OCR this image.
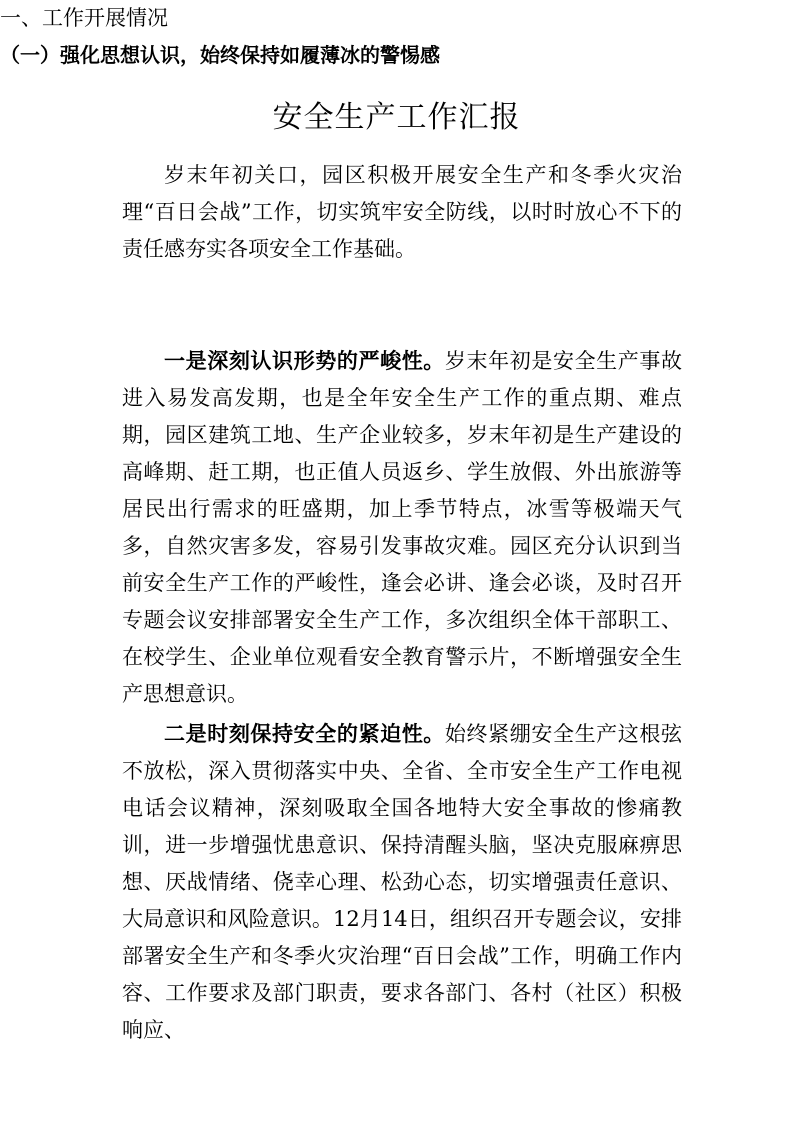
安全生产工作汇报
岁末年初关口，园区积极开展安全生产和冬季火灾治理“百日会战”工作，切实筑牢安全防线，以时时放心不下的责任感夯实各项安全工作基础。
一、工作开展情况
（一）强化思想认识，始终保持如履薄冰的警惕感
一是深刻认识形势的严峻性。岁末年初是安全生产事故进入易发高发期，也是全年安全生产工作的重点期、难点期，园区建筑工地、生产企业较多，岁末年初是生产建设的高峰期、赶工期，也正值人员返乡、学生放假、外出旅游等居民出行需求的旺盛期，加上季节特点，冰雪等极端天气多，自然灾害多发，容易引发事故灾难。园区充分认识到当前安全生产工作的严峻性，逢会必讲、逢会必谈，及时召开专题会议安排部署安全生产工作，多次组织全体干部职工、在校学生、企业单位观看安全教育警示片，不断增强安全生产思想意识。
二是时刻保持安全的紧迫性。始终紧绷安全生产这根弦不放松，深入贯彻落实中央、全省、全市安全生产工作电视电话会议精神，深刻吸取全国各地特大安全事故的惨痛教训，进一步增强忧患意识、保持清醒头脑，坚决克服麻痹思想、厌战情绪、侥幸心理、松劲心态，切实增强责任意识、大局意识和风险意识。12月14日，组织召开专题会议，安排部署安全生产和冬季火灾治理“百日会战”工作，明确工作内容、工作要求及部门职责，要求各部门、各村（社区）积极响应、
